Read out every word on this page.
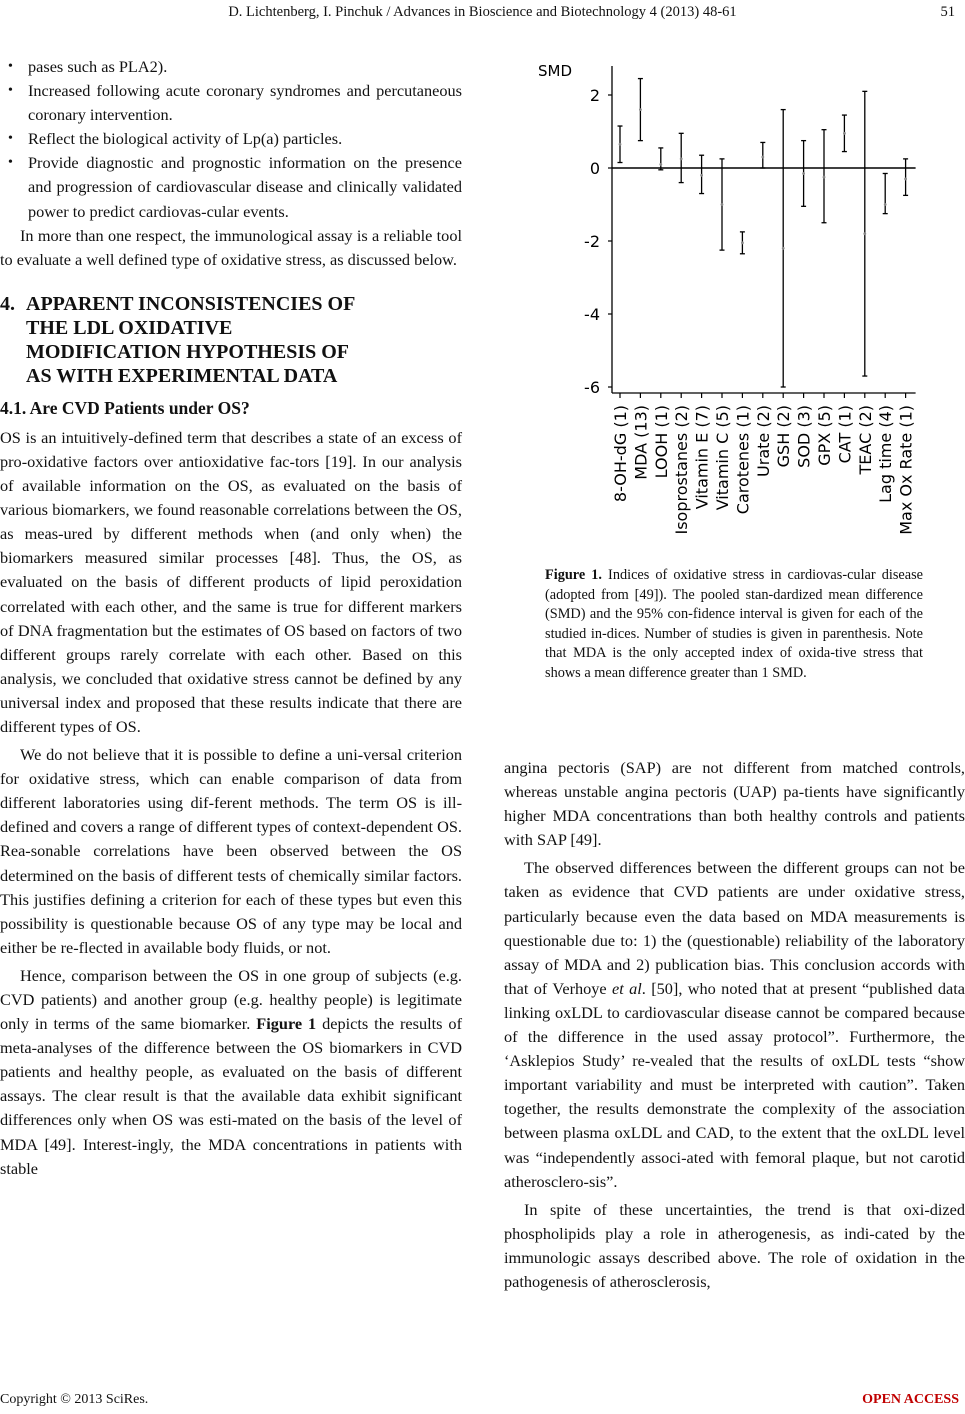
D. Lichtenberg, I. Pinchuk / Advances in Bioscience and Biotechnology 4 (2013) 48-61	51
• pases such as PLA2).
• Increased following acute coronary syndromes and percutaneous coronary intervention.
• Reflect the biological activity of Lp(a) particles.
• Provide diagnostic and prognostic information on the presence and progression of cardiovascular disease and clinically validated power to predict cardiovas-cular events.

In more than one respect, the immunological assay is a reliable tool to evaluate a well defined type of oxidative stress, as discussed below.

4. APPARENT INCONSISTENCIES OF
THE LDL OXIDATIVE
MODIFICATION HYPOTHESIS OF
AS WITH EXPERIMENTAL DATA
4.1. Are CVD Patients under OS?

OS is an intuitively-defined term that describes a state of an excess of pro-oxidative factors over antioxidative fac-tors [19]. In our analysis of available information on the OS, as evaluated on the basis of various biomarkers, we found reasonable correlations between the OS, as meas-ured by different methods when (and only when) the biomarkers measured similar processes [48]. Thus, the OS, as evaluated on the basis of different products of lipid peroxidation correlated with each other, and the same is true for different markers of DNA fragmentation but the estimates of OS based on factors of two different groups rarely correlate with each other. Based on this analysis, we concluded that oxidative stress cannot be defined by any universal index and proposed that these results indicate that there are different types of OS.

We do not believe that it is possible to define a uni-versal criterion for oxidative stress, which can enable comparison of data from different laboratories using dif-ferent methods. The term OS is ill-defined and covers a range of different types of context-dependent OS. Rea-sonable correlations have been observed between the OS determined on the basis of different tests of chemically similar factors. This justifies defining a criterion for each of these types but even this possibility is questionable because OS of any type may be local and either be re-flected in available body fluids, or not.

Hence, comparison between the OS in one group of subjects (e.g. CVD patients) and another group (e.g. healthy people) is legitimate only in terms of the same biomarker. Figure 1 depicts the results of meta-analyses of the difference between the OS biomarkers in CVD patients and healthy people, as evaluated on the basis of different assays. The clear result is that the available data exhibit significant differences only when OS was esti-mated on the basis of the level of MDA [49]. Interest-ingly, the MDA concentrations in patients with stable

SMD
2
0
-2
-4
-6
8-OH-dG (1) MDA (13) LOOH (1) Isoprostanes (2) Vitamin E (7) Vitamin C (5) Carotenes (1) Urate (2) GSH (2) SOD (3) GPX (5) CAT (1) TEAC (2) Lag time (4) Max Ox Rate (1)
Figure 1. Indices of oxidative stress in cardiovas-cular disease (adopted from [49]). The pooled stan-dardized mean difference (SMD) and the 95% con-fidence interval is given for each of the studied in-dices. Number of studies is given in parenthesis. Note that MDA is the only accepted index of oxida-tive stress that shows a mean difference greater than 1 SMD.

angina pectoris (SAP) are not different from matched controls, whereas unstable angina pectoris (UAP) pa-tients have significantly higher MDA concentrations than both healthy controls and patients with SAP [49].

The observed differences between the different groups can not be taken as evidence that CVD patients are under oxidative stress, particularly because even the data based on MDA measurements is questionable due to: 1) the (questionable) reliability of the laboratory assay of MDA and 2) publication bias. This conclusion accords with that of Verhoye et al. [50], who noted that at present “published data linking oxLDL to cardiovascular disease cannot be compared because of the difference in the used assay protocol”. Furthermore, the ‘Asklepios Study’ re-vealed that the results of oxLDL tests “show important variability and must be interpreted with caution”. Taken together, the results demonstrate the complexity of the association between plasma oxLDL and CAD, to the extent that the oxLDL level was “independently associ-ated with femoral plaque, but not carotid atherosclero-sis”.

In spite of these uncertainties, the trend is that oxi-dized phospholipids play a role in atherogenesis, as indi-cated by the immunologic assays described above. The role of oxidation in the pathogenesis of atherosclerosis,

Copyright © 2013 SciRes.	OPEN ACCESS
